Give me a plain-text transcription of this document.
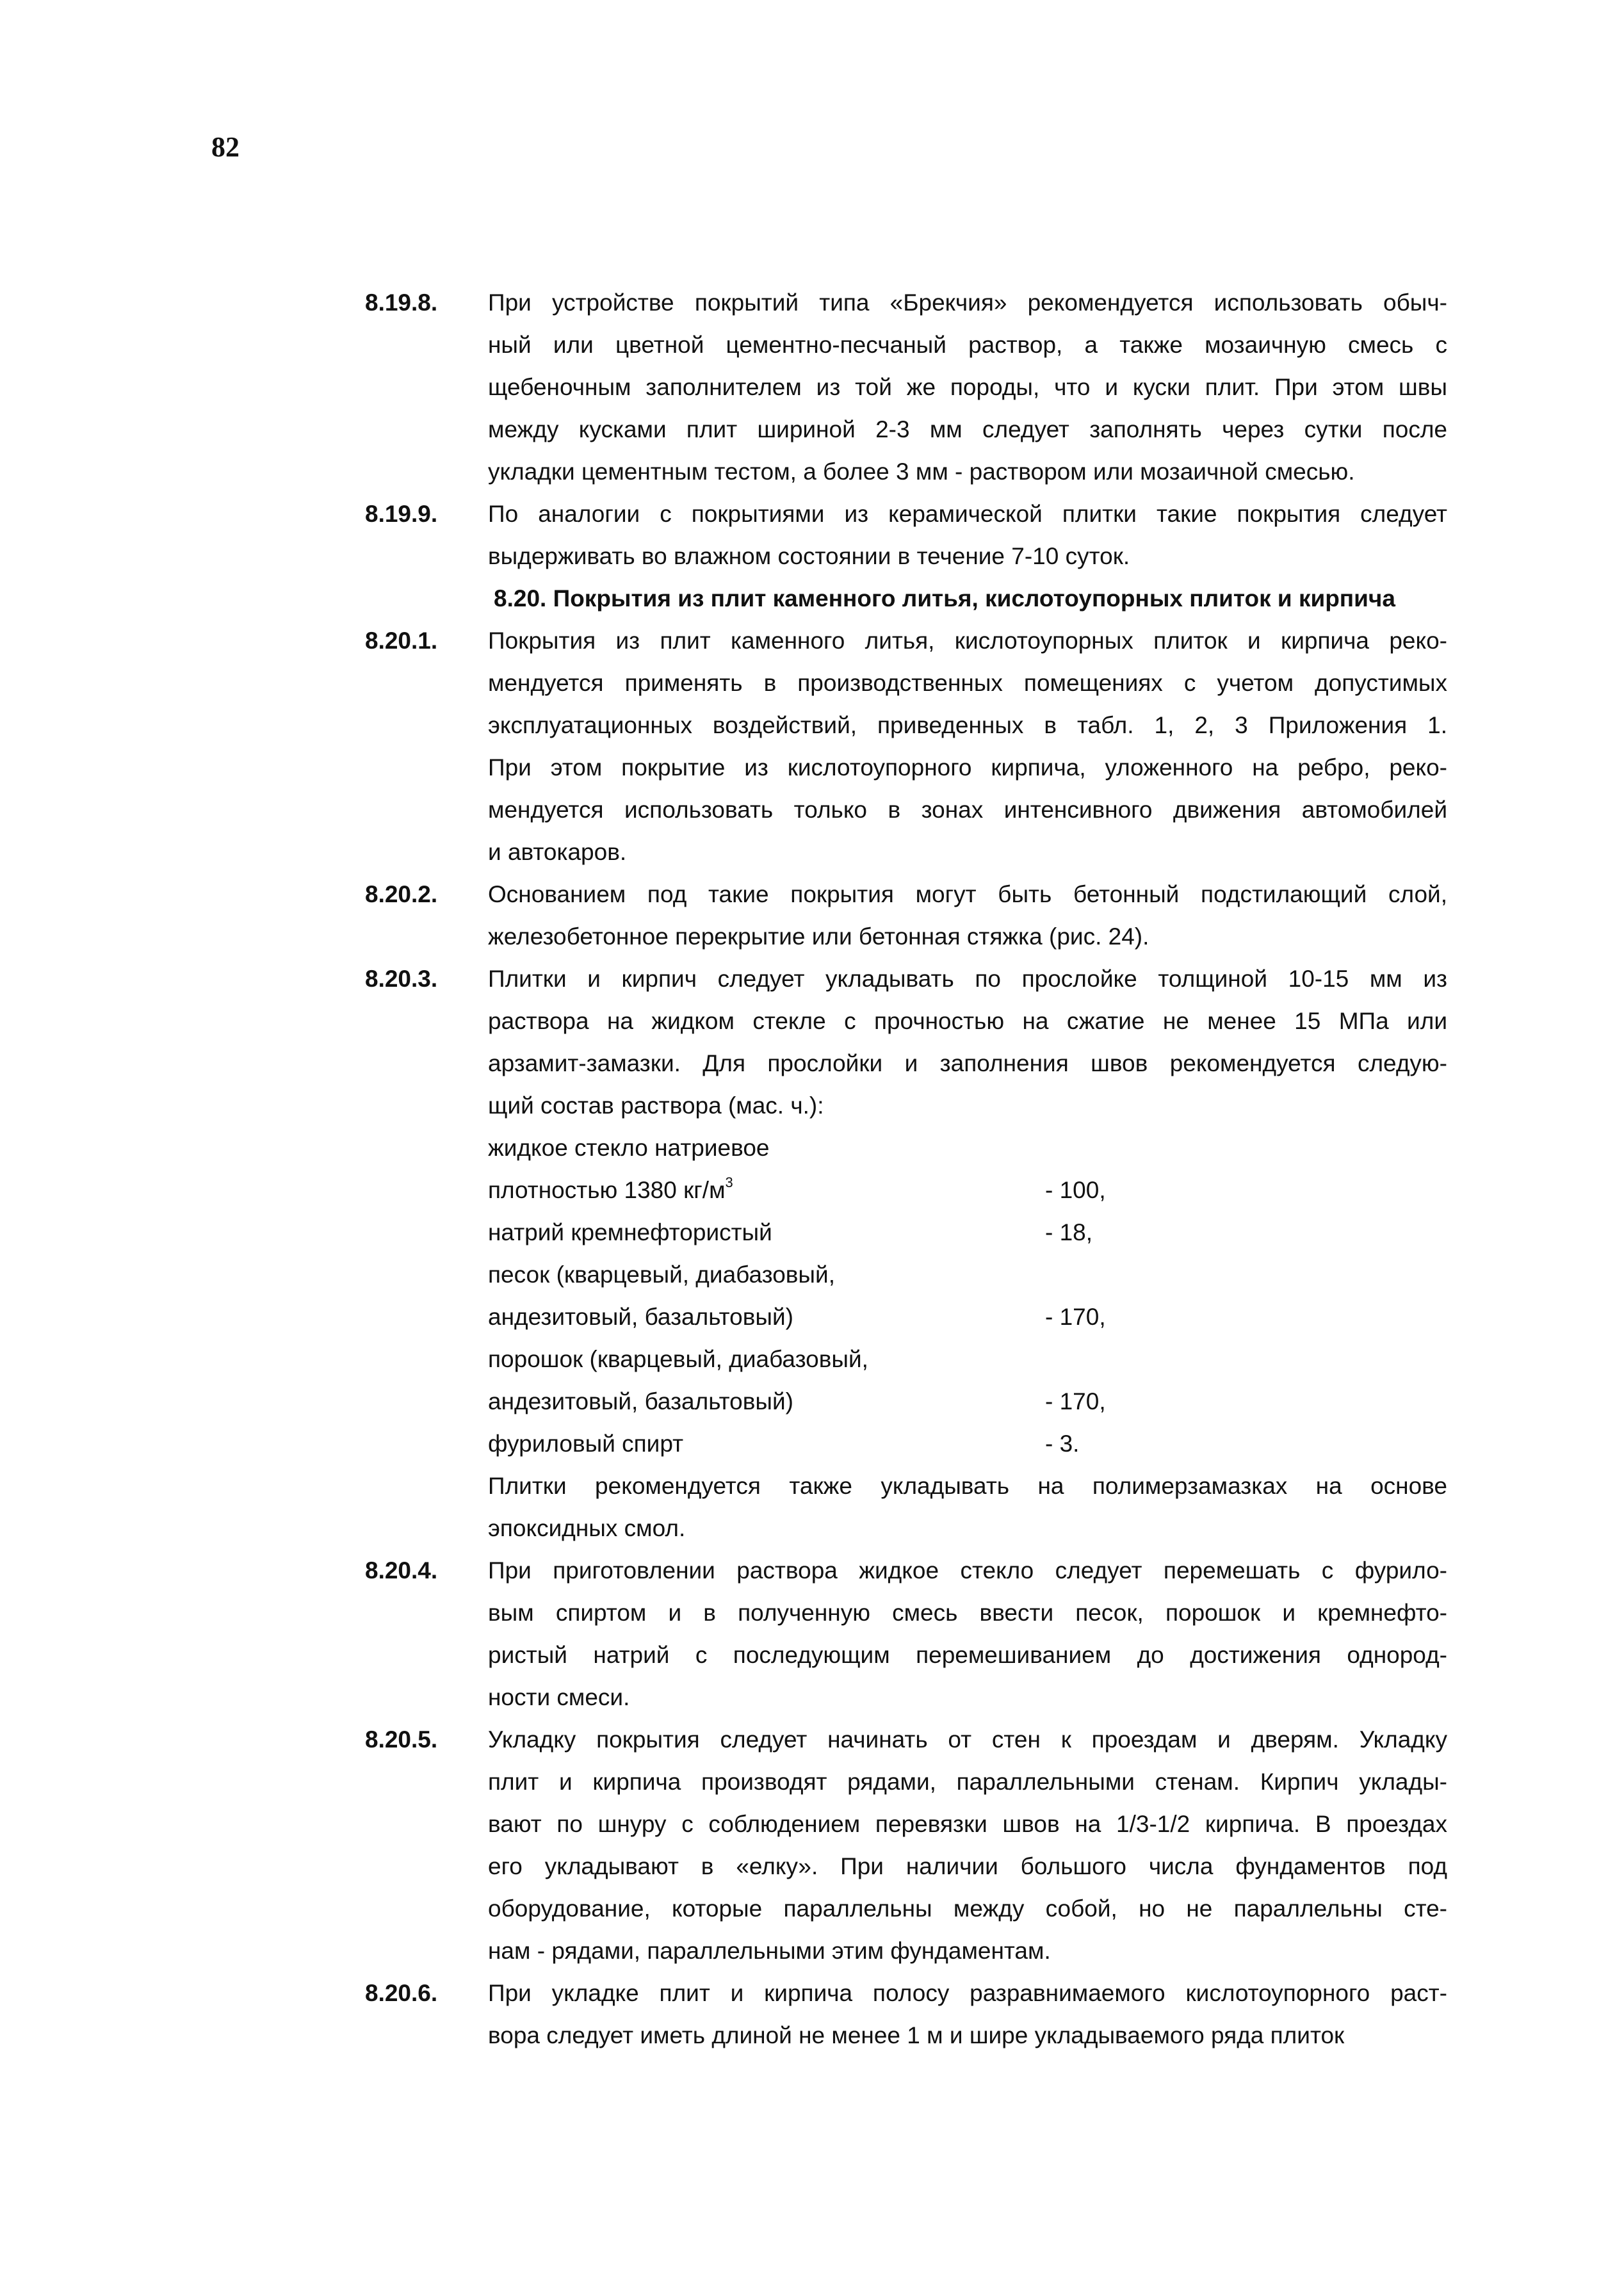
82
8.19.8. При устройстве покрытий типа «Брекчия» рекомендуется использовать обыч-
ный или цветной цементно-песчаный раствор, а также мозаичную смесь с
щебеночным заполнителем из той же породы, что и куски плит. При этом швы
между кусками плит шириной 2-3 мм следует заполнять через сутки после
укладки цементным тестом, а более 3 мм - раствором или мозаичной смесью.
8.19.9. По аналогии с покрытиями из керамической плитки такие покрытия следует
выдерживать во влажном состоянии в течение 7-10 суток.
8.20. Покрытия из плит каменного литья, кислотоупорных плиток и кирпича
8.20.1. Покрытия из плит каменного литья, кислотоупорных плиток и кирпича реко-
мендуется применять в производственных помещениях с учетом допустимых
эксплуатационных воздействий, приведенных в табл. 1, 2, 3 Приложения 1.
При этом покрытие из кислотоупорного кирпича, уложенного на ребро, реко-
мендуется использовать только в зонах интенсивного движения автомобилей
и автокаров.
8.20.2. Основанием под такие покрытия могут быть бетонный подстилающий слой,
железобетонное перекрытие или бетонная стяжка (рис. 24).
8.20.3. Плитки и кирпич следует укладывать по прослойке толщиной 10-15 мм из
раствора на жидком стекле с прочностью на сжатие не менее 15 МПа или
арзамит-замазки. Для прослойки и заполнения швов рекомендуется следую-
щий состав раствора (мас. ч.):
жидкое стекло натриевое
плотностью 1380 $кг/м^3$	- 100,
натрий кремнефтористый	- 18,
песок (кварцевый, диабазовый,
андезитовый, базальтовый)	- 170,
порошок (кварцевый, диабазовый,
андезитовый, базальтовый)	- 170,
фуриловый спирт	- 3.
Плитки рекомендуется также укладывать на полимерзамазках на основе
эпоксидных смол.
8.20.4. При приготовлении раствора жидкое стекло следует перемешать с фурило-
вым спиртом и в полученную смесь ввести песок, порошок и кремнефто-
ристый натрий с последующим перемешиванием до достижения однород-
ности смеси.
8.20.5. Укладку покрытия следует начинать от стен к проездам и дверям. Укладку
плит и кирпича производят рядами, параллельными стенам. Кирпич уклады-
вают по шнуру с соблюдением перевязки швов на 1/3-1/2 кирпича. В проездах
его укладывают в «елку». При наличии большого числа фундаментов под
оборудование, которые параллельны между собой, но не параллельны сте-
нам - рядами, параллельными этим фундаментам.
8.20.6. При укладке плит и кирпича полосу разравнимаемого кислотоупорного раст-
вора следует иметь длиной не менее 1 м и шире укладываемого ряда плиток
